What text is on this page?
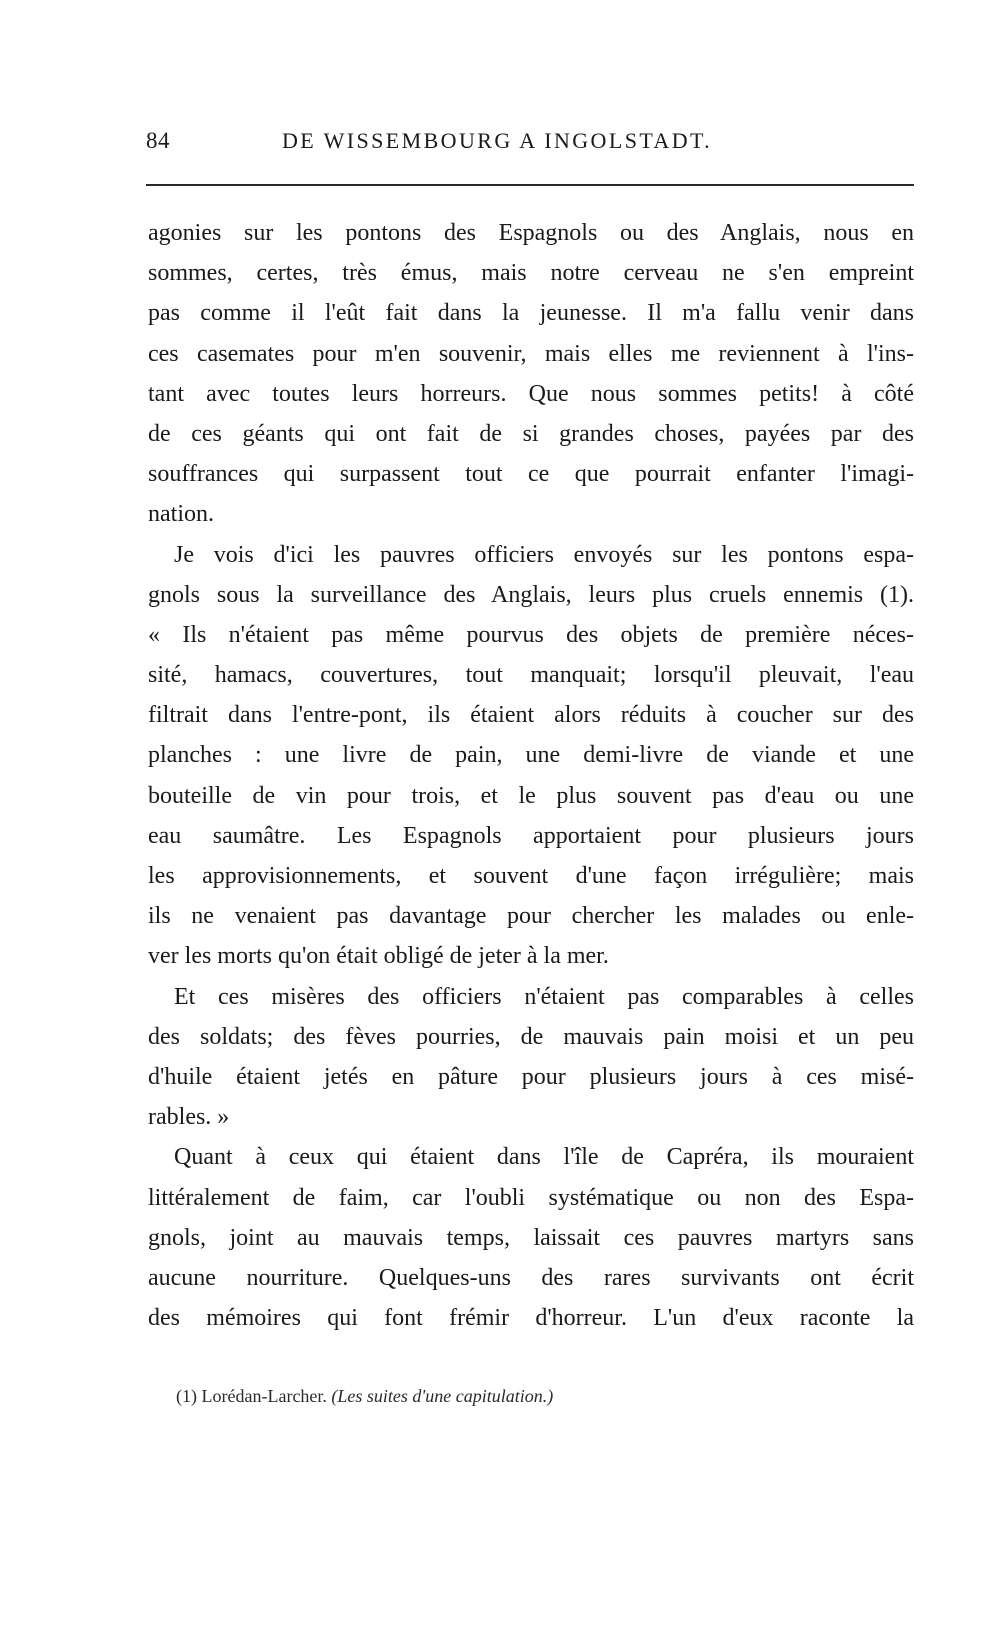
84	DE WISSEMBOURG A INGOLSTADT.
agonies sur les pontons des Espagnols ou des Anglais, nous en
sommes, certes, très émus, mais notre cerveau ne s'en empreint
pas comme il l'eût fait dans la jeunesse. Il m'a fallu venir dans
ces casemates pour m'en souvenir, mais elles me reviennent à l'ins-
tant avec toutes leurs horreurs. Que nous sommes petits! à côté
de ces géants qui ont fait de si grandes choses, payées par des
souffrances qui surpassent tout ce que pourrait enfanter l'imagi-
nation.
Je vois d'ici les pauvres officiers envoyés sur les pontons espa-
gnols sous la surveillance des Anglais, leurs plus cruels ennemis (1).
« Ils n'étaient pas même pourvus des objets de première néces-
sité, hamacs, couvertures, tout manquait; lorsqu'il pleuvait, l'eau
filtrait dans l'entre-pont, ils étaient alors réduits à coucher sur des
planches : une livre de pain, une demi-livre de viande et une
bouteille de vin pour trois, et le plus souvent pas d'eau ou une
eau saumâtre. Les Espagnols apportaient pour plusieurs jours
les approvisionnements, et souvent d'une façon irrégulière; mais
ils ne venaient pas davantage pour chercher les malades ou enle-
ver les morts qu'on était obligé de jeter à la mer.
Et ces misères des officiers n'étaient pas comparables à celles
des soldats; des fèves pourries, de mauvais pain moisi et un peu
d'huile étaient jetés en pâture pour plusieurs jours à ces misé-
rables. »
Quant à ceux qui étaient dans l'île de Capréra, ils mouraient
littéralement de faim, car l'oubli systématique ou non des Espa-
gnols, joint au mauvais temps, laissait ces pauvres martyrs sans
aucune nourriture. Quelques-uns des rares survivants ont écrit
des mémoires qui font frémir d'horreur. L'un d'eux raconte la
(1) Lorédan-Larcher. (Les suites d'une capitulation.)
